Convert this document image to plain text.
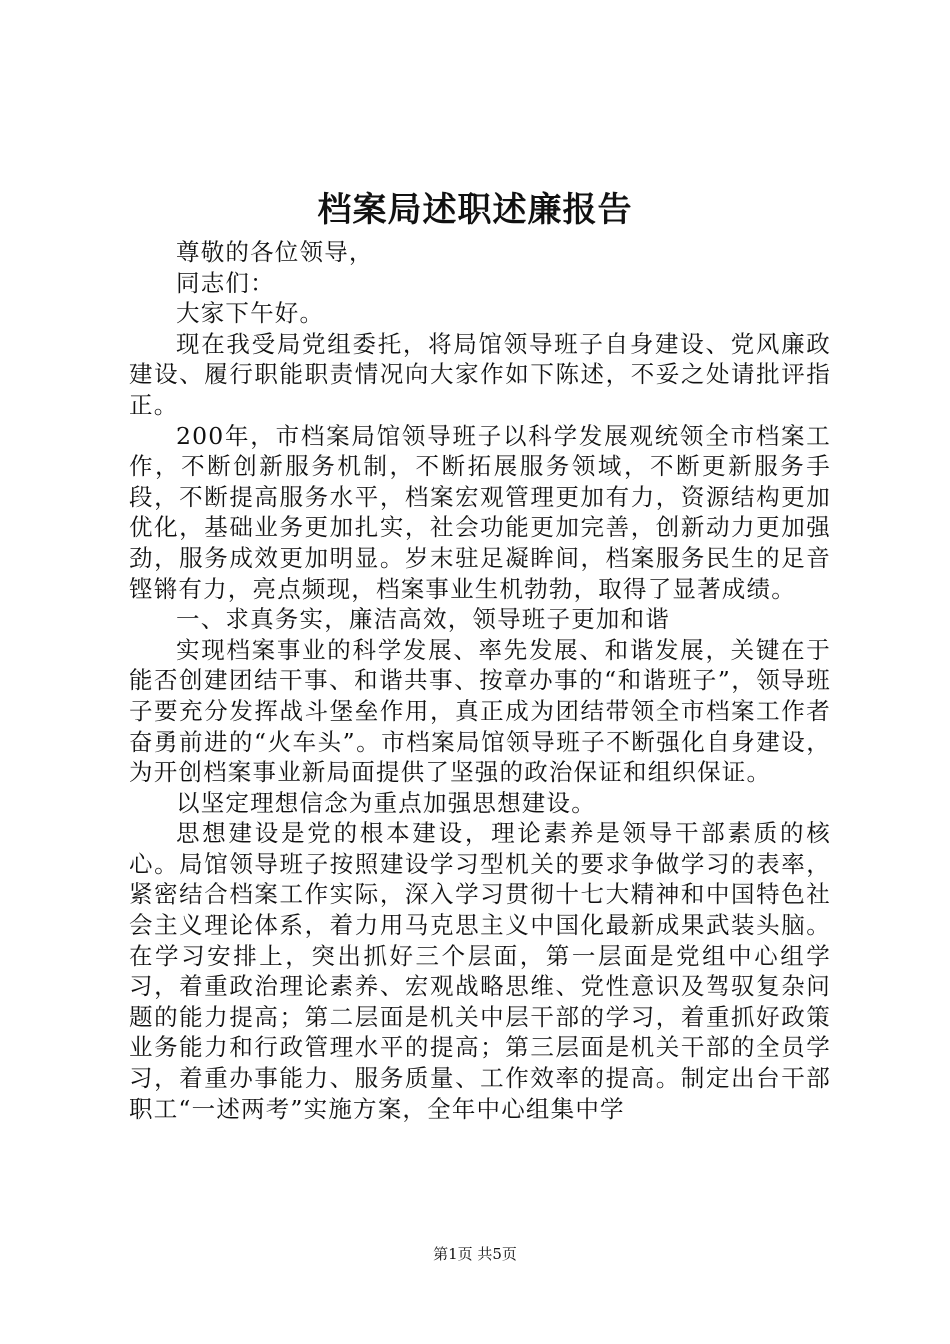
档案局述职述廉报告

尊敬的各位领导，

同志们：

大家下午好。

现在我受局党组委托，将局馆领导班子自身建设、党风廉政建设、履行职能职责情况向大家作如下陈述，不妥之处请批评指正。

200年，市档案局馆领导班子以科学发展观统领全市档案工作，不断创新服务机制，不断拓展服务领域，不断更新服务手段，不断提高服务水平，档案宏观管理更加有力，资源结构更加优化，基础业务更加扎实，社会功能更加完善，创新动力更加强劲，服务成效更加明显。岁末驻足凝眸间，档案服务民生的足音铿锵有力，亮点频现，档案事业生机勃勃，取得了显著成绩。

一、求真务实，廉洁高效，领导班子更加和谐

实现档案事业的科学发展、率先发展、和谐发展，关键在于能否创建团结干事、和谐共事、按章办事的“和谐班子”，领导班子要充分发挥战斗堡垒作用，真正成为团结带领全市档案工作者奋勇前进的“火车头”。市档案局馆领导班子不断强化自身建设，为开创档案事业新局面提供了坚强的政治保证和组织保证。

以坚定理想信念为重点加强思想建设。

思想建设是党的根本建设，理论素养是领导干部素质的核心。局馆领导班子按照建设学习型机关的要求争做学习的表率，紧密结合档案工作实际，深入学习贯彻十七大精神和中国特色社会主义理论体系，着力用马克思主义中国化最新成果武装头脑。在学习安排上，突出抓好三个层面，第一层面是党组中心组学习，着重政治理论素养、宏观战略思维、党性意识及驾驭复杂问题的能力提高；第二层面是机关中层干部的学习，着重抓好政策业务能力和行政管理水平的提高；第三层面是机关干部的全员学习，着重办事能力、服务质量、工作效率的提高。制定出台干部职工“一述两考”实施方案，全年中心组集中学

第1页 共5页
